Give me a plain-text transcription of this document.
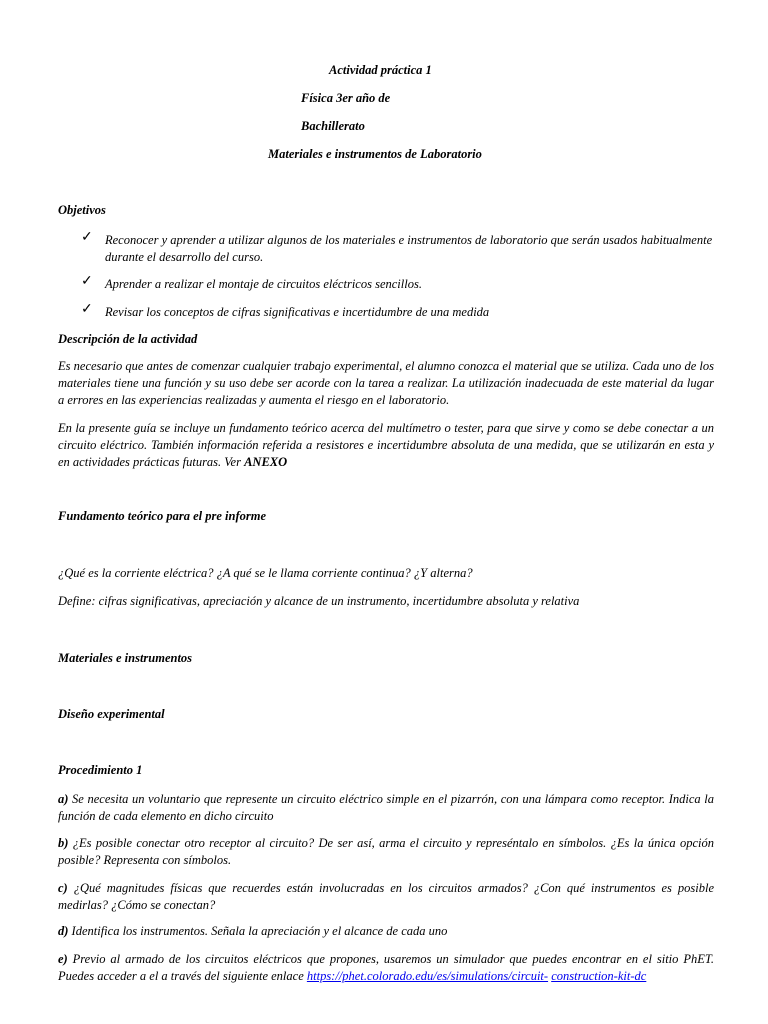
Actividad práctica 1
Física 3er año de
Bachillerato
Materiales e instrumentos de Laboratorio
Objetivos
✓ Reconocer y aprender a utilizar algunos de los materiales e instrumentos de laboratorio que serán usados habitualmente durante el desarrollo del curso.
✓ Aprender a realizar el montaje de circuitos eléctricos sencillos.
✓ Revisar los conceptos de cifras significativas e incertidumbre de una medida
Descripción de la actividad
Es necesario que antes de comenzar cualquier trabajo experimental, el alumno conozca el material que se utiliza. Cada uno de los materiales tiene una función y su uso debe ser acorde con la tarea a realizar. La utilización inadecuada de este material da lugar a errores en las experiencias realizadas y aumenta el riesgo en el laboratorio.
En la presente guía se incluye un fundamento teórico acerca del multímetro o tester, para que sirve y como se debe conectar a un circuito eléctrico. También información referida a resistores e incertidumbre absoluta de una medida, que se utilizarán en esta y en actividades prácticas futuras. Ver ANEXO
Fundamento teórico para el pre informe
¿Qué es la corriente eléctrica? ¿A qué se le llama corriente continua? ¿Y alterna?
Define: cifras significativas, apreciación y alcance de un instrumento, incertidumbre absoluta y relativa
Materiales e instrumentos
Diseño experimental
Procedimiento 1
a) Se necesita un voluntario que represente un circuito eléctrico simple en el pizarrón, con una lámpara como receptor. Indica la función de cada elemento en dicho circuito
b) ¿Es posible conectar otro receptor al circuito? De ser así, arma el circuito y represéntalo en símbolos. ¿Es la única opción posible? Representa con símbolos.
c) ¿Qué magnitudes físicas que recuerdes están involucradas en los circuitos armados? ¿Con qué instrumentos es posible medirlas? ¿Cómo se conectan?
d) Identifica los instrumentos. Señala la apreciación y el alcance de cada uno
e) Previo al armado de los circuitos eléctricos que propones, usaremos un simulador que puedes encontrar en el sitio PhET. Puedes acceder a el a través del siguiente enlace https://phet.colorado.edu/es/simulations/circuit- construction-kit-dc
